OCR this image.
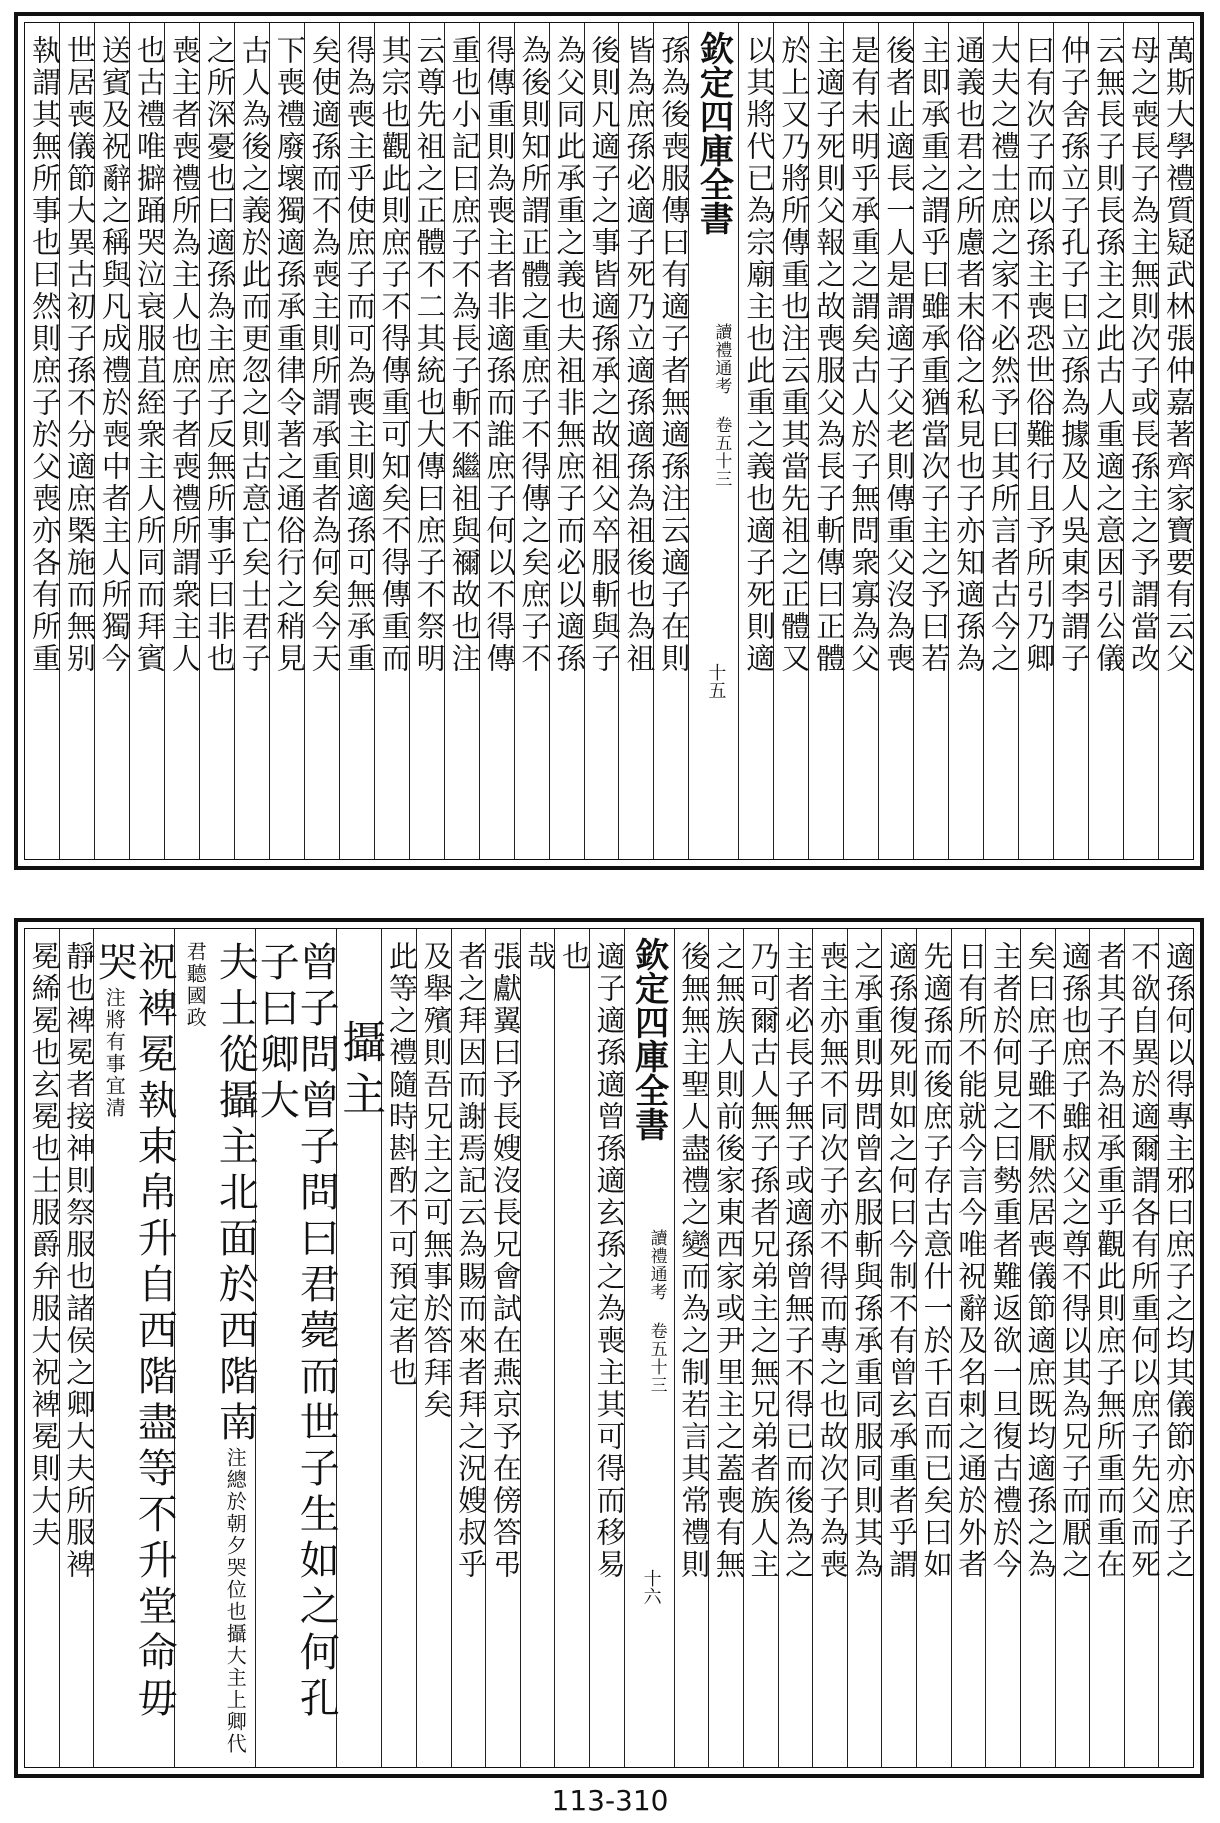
萬斯大學禮質疑武林張仲嘉著齊家寶要有云父
母之喪長子為主無則次子或長孫主之予謂當改
云無長子則長孫主之此古人重適之意因引公儀
仲子舍孫立子孔子曰立孫為據及人吳東李謂子
曰有次子而以孫主喪恐世俗難行且予所引乃卿
大夫之禮士庶之家不必然予曰其所言者古今之
通義也君之所慮者末俗之私見也子亦知適孫為
主即承重之謂乎曰雖承重猶當次子主之予曰若
後者止適長一人是謂適子父老則傳重父沒為喪
是有未明乎承重之謂矣古人於子無問衆寡為父
主適子死則父報之故喪服父為長子斬傳曰正體
於上又乃將所傳重也注云重其當先祖之正體又
以其將代已為宗廟主也此重之義也適子死則適
欽定四庫全書
讀禮通考 卷五十三
十五
孫為後喪服傳曰有適子者無適孫注云適子在則
皆為庶孫必適子死乃立適孫適孫為祖後也為祖
後則凡適子之事皆適孫承之故祖父卒服斬與子
為父同此承重之義也夫祖非無庶子而必以適孫
為後則知所謂正體之重庶子不得傳之矣庶子不
得傳重則為喪主者非適孫而誰庶子何以不得傳
重也小記曰庶子不為長子斬不繼祖與禰故也注
云尊先祖之正體不二其統也大傳曰庶子不祭明
其宗也觀此則庶子不得傳重可知矣不得傳重而
得為喪主乎使庶子而可為喪主則適孫可無承重
矣使適孫而不為喪主則所謂承重者為何矣今天
下喪禮廢壞獨適孫承重律令著之通俗行之稍見
古人為後之義於此而更忽之則古意亡矣士君子
之所深憂也曰適孫為主庶子反無所事乎曰非也
喪主者喪禮所為主人也庶子者喪禮所謂衆主人
也古禮唯擗踊哭泣衰服苴絰衆主人所同而拜賓
送賓及祝辭之稱與凡成禮於喪中者主人所獨今
世居喪儀節大異古初子孫不分適庶槩施而無别
執謂其無所事也曰然則庶子於父喪亦各有所重
適孫何以得專主邪曰庶子之均其儀節亦庶子之
不欲自異於適爾謂各有所重何以庶子先父而死
者其子不為祖承重乎觀此則庶子無所重而重在
適孫也庶子雖叔父之尊不得以其為兄子而厭之
矣曰庶子雖不厭然居喪儀節適庶既均適孫之為
主者於何見之曰勢重者難返欲一旦復古禮於今
日有所不能就今言今唯祝辭及名刺之通於外者
先適孫而後庶子存古意什一於千百而已矣曰如
適孫復死則如之何曰今制不有曾玄承重者乎謂
之承重則毋問曾玄服斬與孫承重同服同則其為
喪主亦無不同次子亦不得而專之也故次子為喪
主者必長子無子或適孫曾無子不得已而後為之
乃可爾古人無子孫者兄弟主之無兄弟者族人主
之無族人則前後家東西家或尹里主之蓋喪有無
後無無主聖人盡禮之變而為之制若言其常禮則
欽定四庫全書
讀禮通考 卷五十三
十六
適子適孫適曾孫適玄孫之為喪主其可得而移易
也
哉
張獻翼曰予長嫂沒長兄會試在燕京予在傍答弔
者之拜因而謝焉記云為賜而來者拜之況嫂叔乎
及舉殯則吾兄主之可無事於答拜矣
此等之禮隨時斟酌不可預定者也
攝主
曾子問曾子問曰君薨而世子生如之何孔子曰卿大
夫士從攝主北面於西階南注總於朝夕哭位也攝大主上卿代君聽國政
祝裨冕執束帛升自西階盡等不升堂命毋哭注將有事宜清
靜也裨冕者接神則祭服也諸侯之卿大夫所服裨
冕絺冕也玄冕也士服爵弁服大祝裨冕則大夫
113-310
